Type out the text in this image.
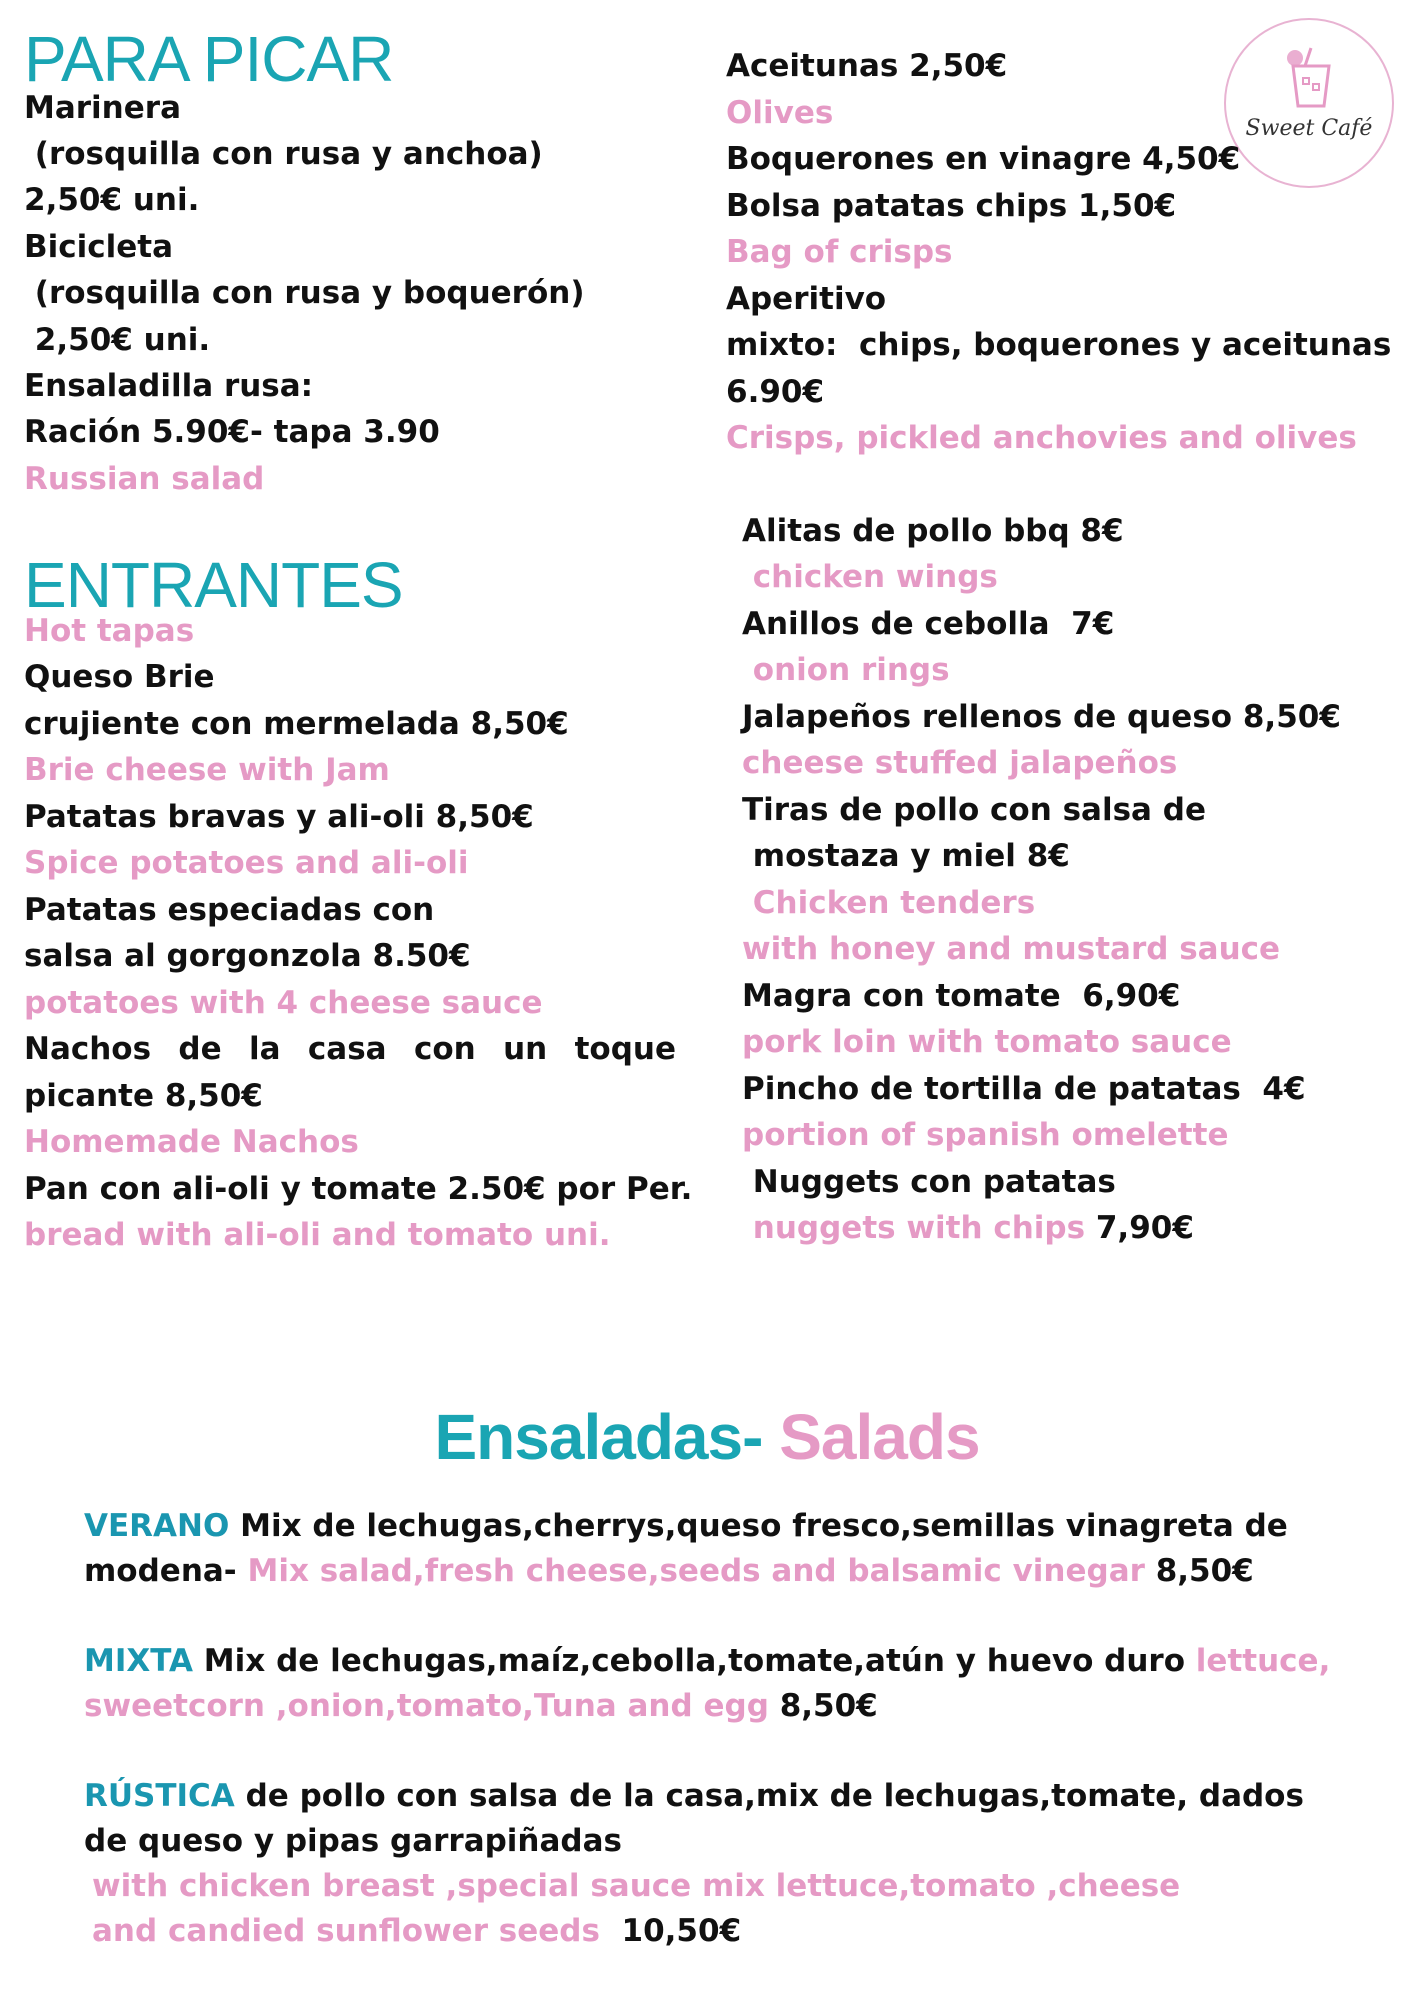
Sweet Café
PARA PICAR

Marinera

(rosquilla con rusa y anchoa)

2,50€ uni.

Bicicleta

(rosquilla con rusa y boquerón)

2,50€ uni.

Ensaladilla rusa:

Ración 5.90€- tapa 3.90

Russian salad

ENTRANTES

Hot tapas

Queso Brie

crujiente con mermelada 8,50€

Brie cheese with Jam

Patatas bravas y ali-oli 8,50€

Spice potatoes and ali-oli

Patatas especiadas con

salsa al gorgonzola 8.50€

potatoes with 4 cheese sauce

Nachos de la casa con un toque

picante 8,50€

Homemade Nachos

Pan con ali-oli y tomate 2.50€ por Per.

bread with ali-oli and tomato uni.

Aceitunas 2,50€

Olives

Boquerones en vinagre 4,50€

Bolsa patatas chips 1,50€

Bag of crisps

Aperitivo

mixto:  chips, boquerones y aceitunas

6.90€

Crisps, pickled anchovies and olives

Alitas de pollo bbq 8€

chicken wings

Anillos de cebolla  7€

onion rings

Jalapeños rellenos de queso 8,50€

cheese stuffed jalapeños

Tiras de pollo con salsa de

mostaza y miel 8€

Chicken tenders

with honey and mustard sauce

Magra con tomate  6,90€

pork loin with tomato sauce

Pincho de tortilla de patatas  4€

portion of spanish omelette

Nuggets con patatas

nuggets with chips 7,90€

Ensaladas- Salads

VERANO Mix de lechugas,cherrys,queso fresco,semillas vinagreta de modena- Mix salad,fresh cheese,seeds and balsamic vinegar 8,50€

MIXTA Mix de lechugas,maíz,cebolla,tomate,atún y huevo duro lettuce, sweetcorn ,onion,tomato,Tuna and egg 8,50€

RÚSTICA de pollo con salsa de la casa,mix de lechugas,tomate, dados de queso y pipas garrapiñadas
with chicken breast ,special sauce mix lettuce,tomato ,cheese
and candied sunflower seeds  10,50€
